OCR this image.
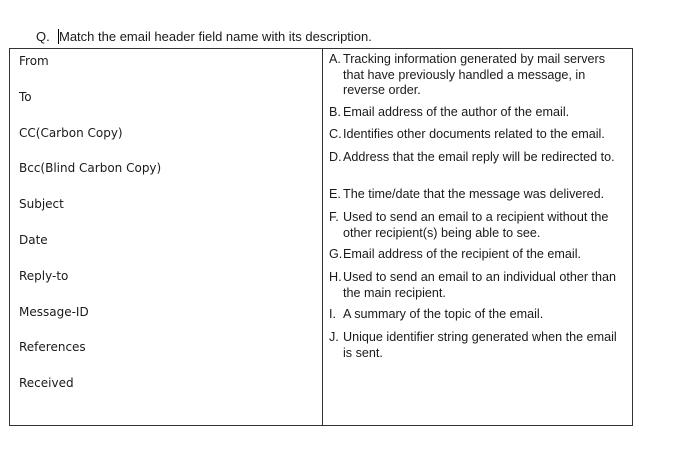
Q. Match the email header field name with its description.
From
To
CC(Carbon Copy)
Bcc(Blind Carbon Copy)
Subject
Date
Reply-to
Message-ID
References
Received
A. Tracking information generated by mail servers that have previously handled a message, in reverse order.
B. Email address of the author of the email.
C. Identifies other documents related to the email.
D. Address that the email reply will be redirected to.
E. The time/date that the message was delivered.
F. Used to send an email to a recipient without the other recipient(s) being able to see.
G. Email address of the recipient of the email.
H. Used to send an email to an individual other than the main recipient.
I. A summary of the topic of the email.
J. Unique identifier string generated when the email is sent.
